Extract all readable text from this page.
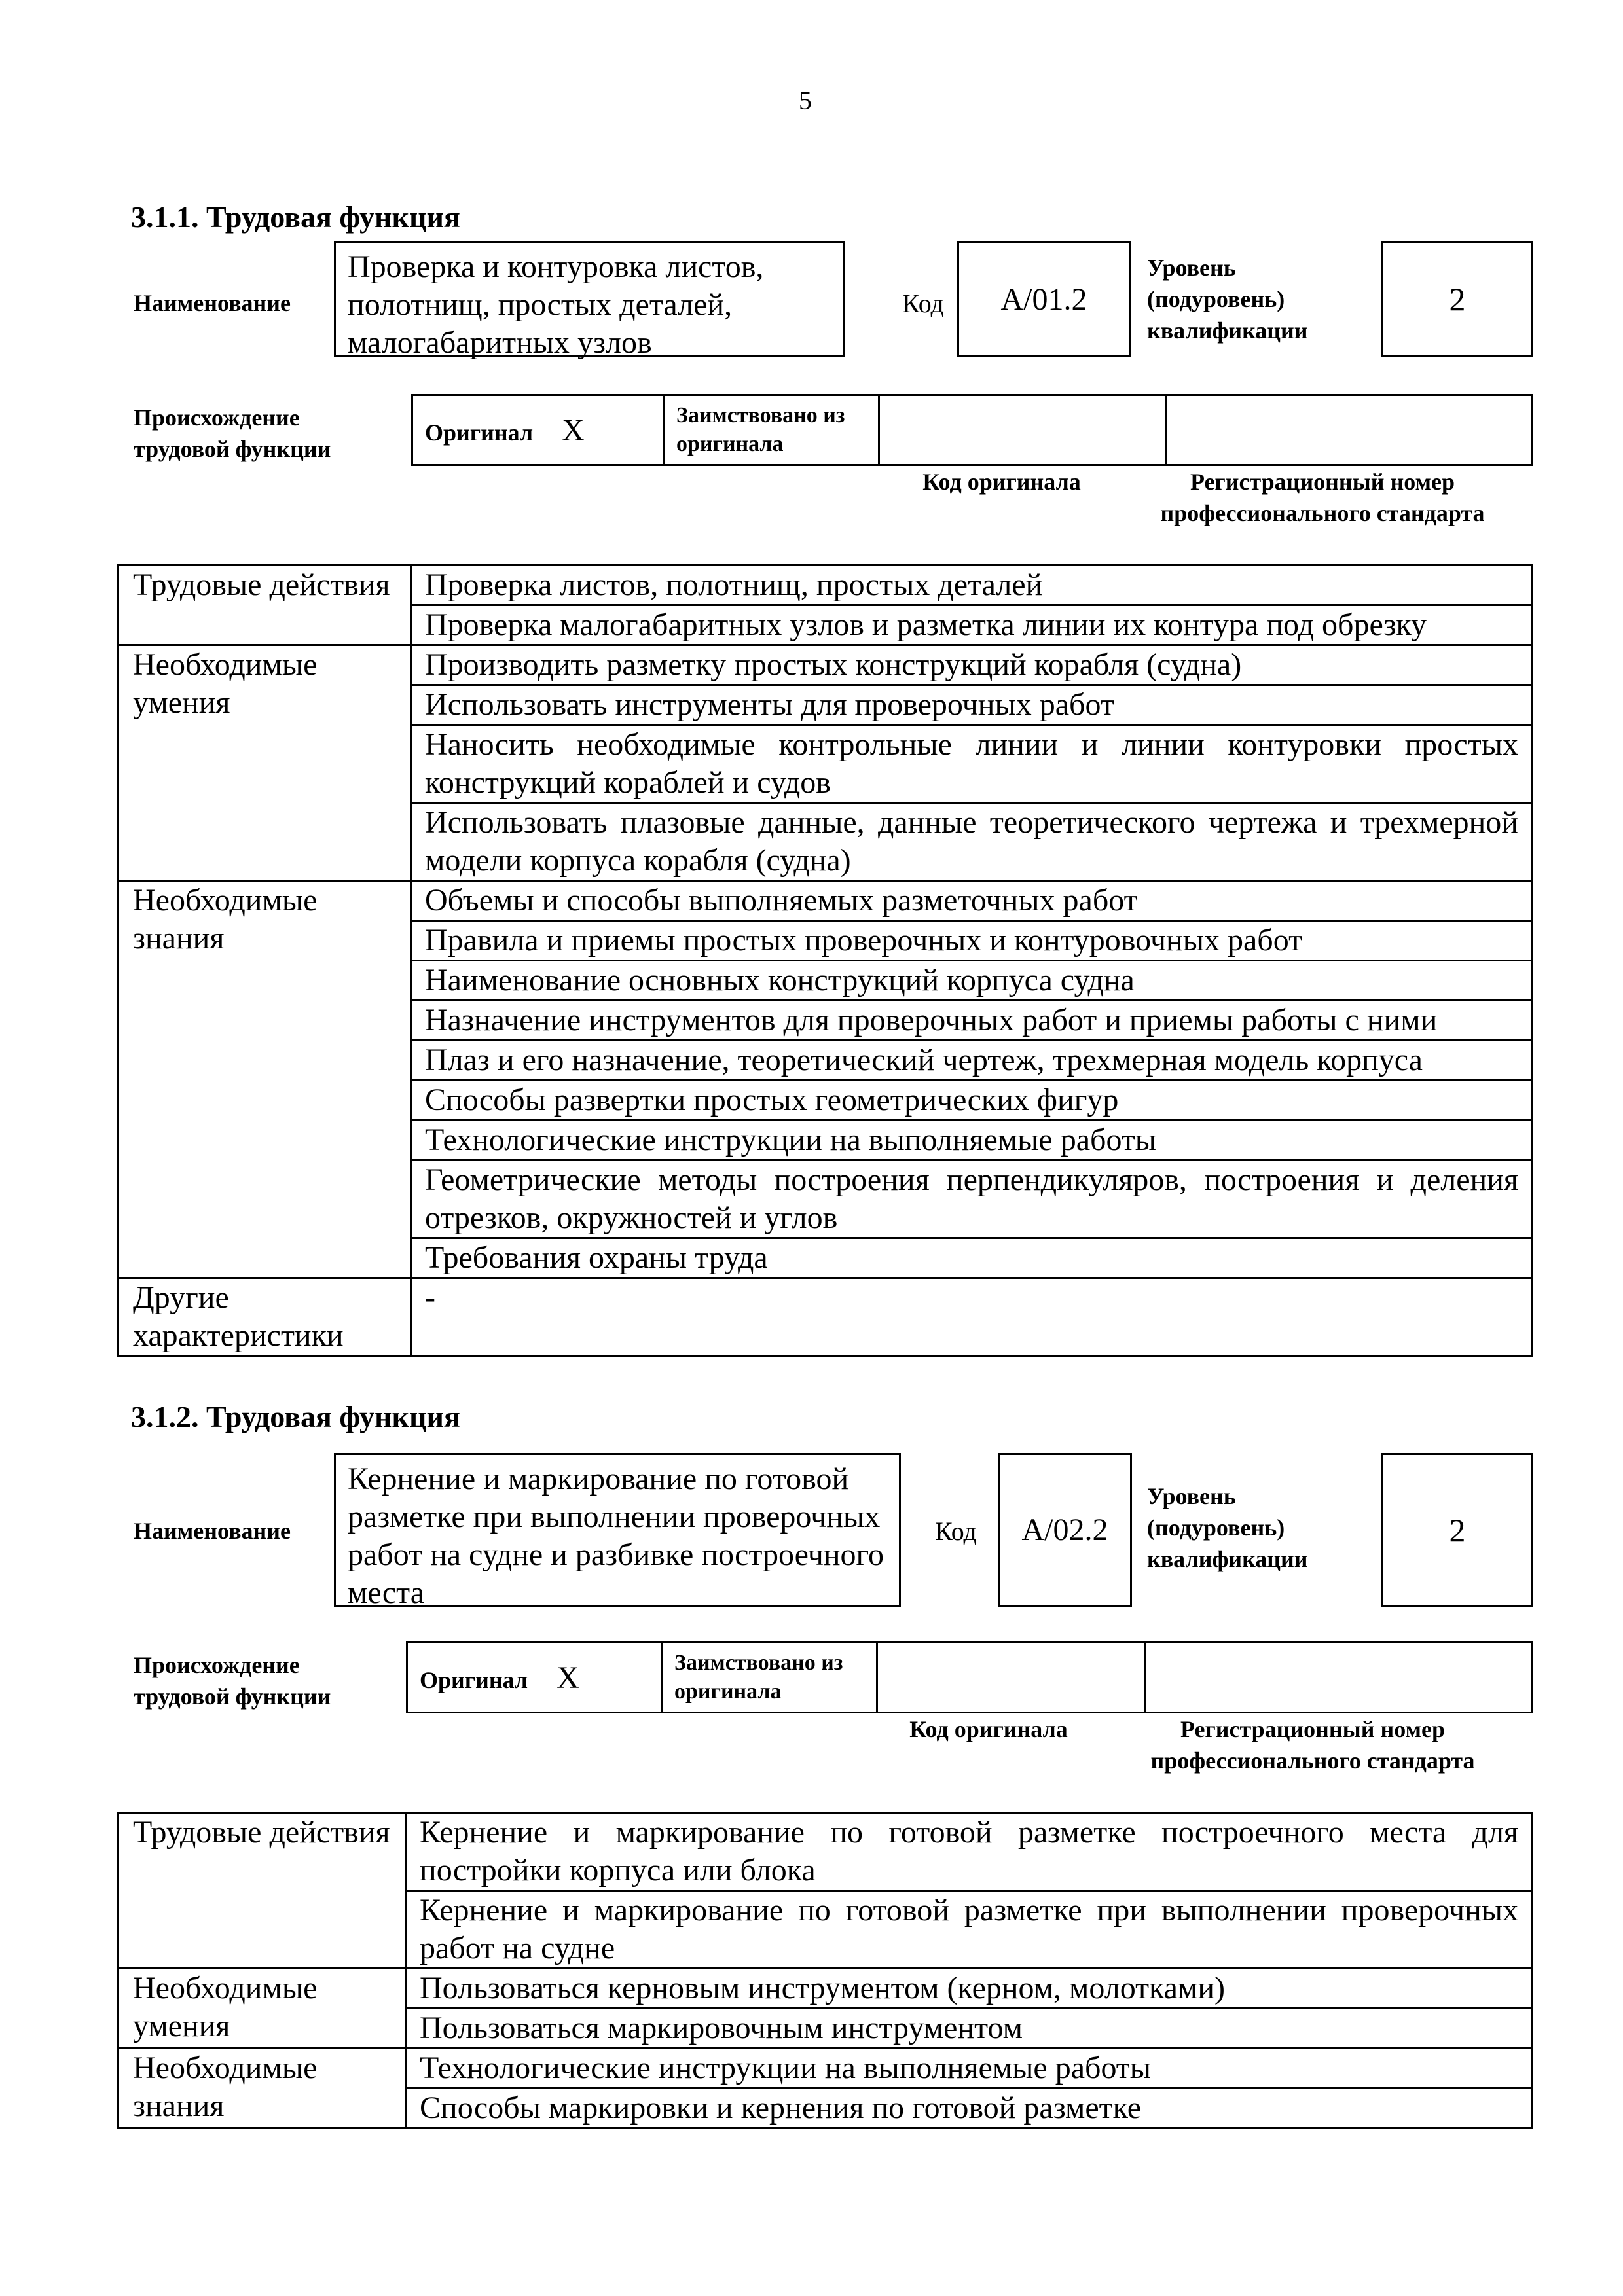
5
3.1.1. Трудовая функция
Наименование
Проверка и контуровка листов, полотнищ, простых деталей, малогабаритных узлов
Код А/01.2
Уровень (подуровень) квалификации
2
Происхождение трудовой функции
Оригинал Х	Заимствовано из оригинала		
Код оригинала	Регистрационный номер профессионального стандарта
Трудовые действия	Проверка листов, полотнищ, простых деталей
	Проверка малогабаритных узлов и разметка линии их контура под обрезку
Необходимые умения	Производить разметку простых конструкций корабля (судна)
	Использовать инструменты для проверочных работ
	Наносить необходимые контрольные линии и линии контуровки простых конструкций кораблей и судов
	Использовать плазовые данные, данные теоретического чертежа и трехмерной модели корпуса корабля (судна)
Необходимые знания	Объемы и способы выполняемых разметочных работ
	Правила и приемы простых проверочных и контуровочных работ
	Наименование основных конструкций корпуса судна
	Назначение инструментов для проверочных работ и приемы работы с ними
	Плаз и его назначение, теоретический чертеж, трехмерная модель корпуса
	Способы развертки простых геометрических фигур
	Технологические инструкции на выполняемые работы
	Геометрические методы построения перпендикуляров, построения и деления отрезков, окружностей и углов
	Требования охраны труда
Другие характеристики	-
3.1.2. Трудовая функция
Наименование
Кернение и маркирование по готовой разметке при выполнении проверочных работ на судне и разбивке построечного места
Код А/02.2
Уровень (подуровень) квалификации
2
Происхождение трудовой функции
Оригинал Х	Заимствовано из оригинала		
Код оригинала	Регистрационный номер профессионального стандарта
Трудовые действия	Кернение и маркирование по готовой разметке построечного места для постройки корпуса или блока
	Кернение и маркирование по готовой разметке при выполнении проверочных работ на судне
Необходимые умения	Пользоваться керновым инструментом (керном, молотками)
	Пользоваться маркировочным инструментом
Необходимые знания	Технологические инструкции на выполняемые работы
	Способы маркировки и кернения по готовой разметке
